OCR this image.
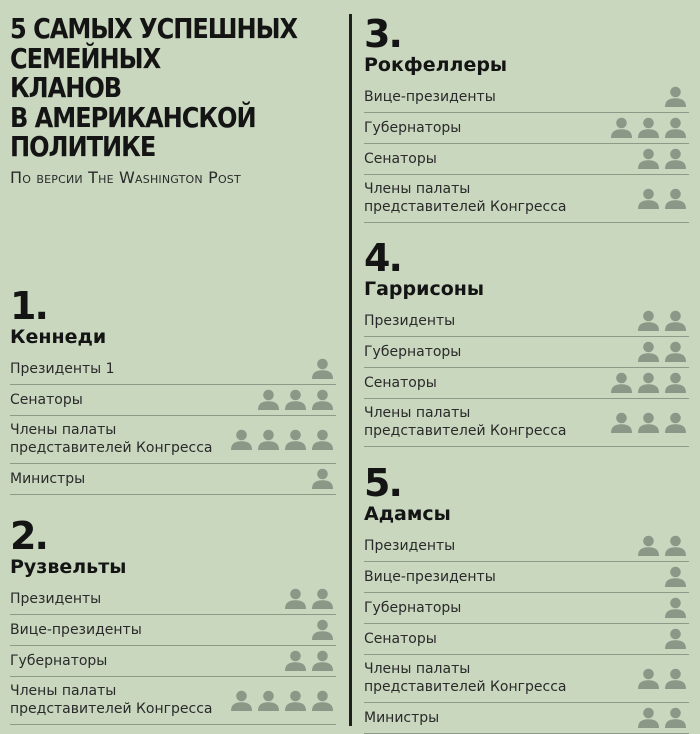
5 САМЫХ УСПЕШНЫХ
СЕМЕЙНЫХ
КЛАНОВ
В АМЕРИКАНСКОЙ
ПОЛИТИКЕ
По версии The Washington Post
1.
Кеннеди
Президенты 1
Сенаторы
Члены палаты
представителей Конгресса
Министры
2.
Рузвельты
Президенты
Вице-президенты
Губернаторы
Члены палаты
представителей Конгресса
3.
Рокфеллеры
Вице-президенты
Губернаторы
Сенаторы
Члены палаты
представителей Конгресса
4.
Гаррисоны
Президенты
Губернаторы
Сенаторы
Члены палаты
представителей Конгресса
5.
Адамсы
Президенты
Вице-президенты
Губернаторы
Сенаторы
Члены палаты
представителей Конгресса
Министры
